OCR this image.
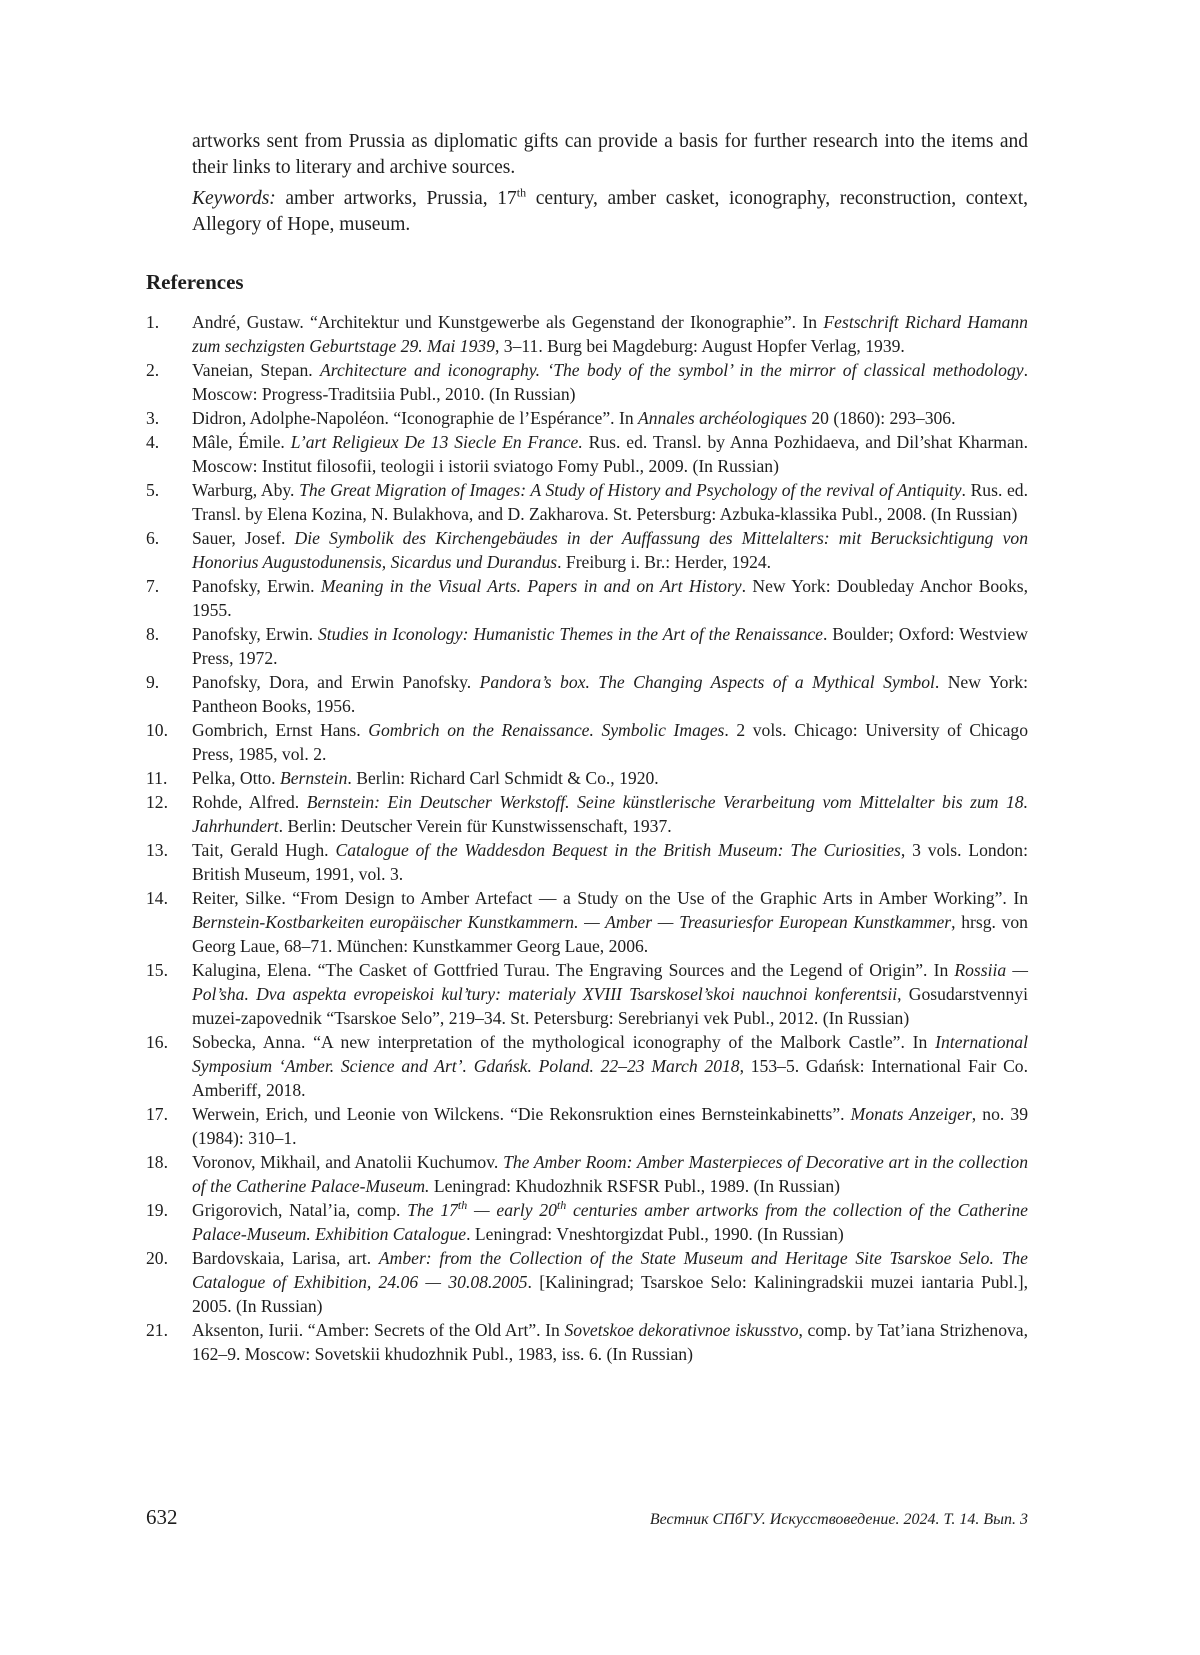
artworks sent from Prussia as diplomatic gifts can provide a basis for further research into the items and their links to literary and archive sources.

Keywords: amber artworks, Prussia, 17th century, amber casket, iconography, reconstruction, context, Allegory of Hope, museum.

References
1.	André, Gustaw. “Architektur und Kunstgewerbe als Gegenstand der Ikonographie”. In Festschrift Richard Hamann zum sechzigsten Geburtstage 29. Mai 1939, 3–11. Burg bei Magdeburg: August Hopfer Verlag, 1939.
2.	Vaneian, Stepan. Architecture and iconography. ‘The body of the symbol’ in the mirror of classical methodology. Moscow: Progress-Traditsiia Publ., 2010. (In Russian)
3.	Didron, Adolphe-Napoléon. “Iconographie de l’Espérance”. In Annales archéologiques 20 (1860): 293–306.
4.	Mâle, Émile. L’art Religieux De 13 Siecle En France. Rus. ed. Transl. by Anna Pozhidaeva, and Dil’shat Kharman. Moscow: Institut filosofii, teologii i istorii sviatogo Fomy Publ., 2009. (In Russian)
5.	Warburg, Aby. The Great Migration of Images: A Study of History and Psychology of the revival of Antiquity. Rus. ed. Transl. by Elena Kozina, N. Bulakhova, and D. Zakharova. St. Petersburg: Azbuka-klassika Publ., 2008. (In Russian)
6.	Sauer, Josef. Die Symbolik des Kirchengebäudes in der Auffassung des Mittelalters: mit Berucksichtigung von Honorius Augustodunensis, Sicardus und Durandus. Freiburg i. Br.: Herder, 1924.
7.	Panofsky, Erwin. Meaning in the Visual Arts. Papers in and on Art History. New York: Doubleday Anchor Books, 1955.
8.	Panofsky, Erwin. Studies in Iconology: Humanistic Themes in the Art of the Renaissance. Boulder; Oxford: Westview Press, 1972.
9.	Panofsky, Dora, and Erwin Panofsky. Pandora’s box. The Changing Aspects of a Mythical Symbol. New York: Pantheon Books, 1956.
10.	Gombrich, Ernst Hans. Gombrich on the Renaissance. Symbolic Images. 2 vols. Chicago: University of Chicago Press, 1985, vol. 2.
11.	Pelka, Otto. Bernstein. Berlin: Richard Carl Schmidt & Co., 1920.
12.	Rohde, Alfred. Bernstein: Ein Deutscher Werkstoff. Seine künstlerische Verarbeitung vom Mittelalter bis zum 18. Jahrhundert. Berlin: Deutscher Verein für Kunstwissenschaft, 1937.
13.	Tait, Gerald Hugh. Catalogue of the Waddesdon Bequest in the British Museum: The Curiosities, 3 vols. London: British Museum, 1991, vol. 3.
14.	Reiter, Silke. “From Design to Amber Artefact — a Study on the Use of the Graphic Arts in Amber Working”. In Bernstein-Kostbarkeiten europäischer Kunstkammern. — Amber — Treasuriesfor European Kunstkammer, hrsg. von Georg Laue, 68–71. München: Kunstkammer Georg Laue, 2006.
15.	Kalugina, Elena. “The Casket of Gottfried Turau. The Engraving Sources and the Legend of Origin”. In Rossiia — Pol’sha. Dva aspekta evropeiskoi kul’tury: materialy XVIII Tsarskosel’skoi nauchnoi konferentsii, Gosudarstvennyi muzei-zapovednik “Tsarskoe Selo”, 219–34. St. Petersburg: Serebrianyi vek Publ., 2012. (In Russian)
16.	Sobecka, Anna. “A new interpretation of the mythological iconography of the Malbork Castle”. In International Symposium ‘Amber. Science and Art’. Gdańsk. Poland. 22–23 March 2018, 153–5. Gdańsk: International Fair Co. Amberiff, 2018.
17.	Werwein, Erich, und Leonie von Wilckens. “Die Rekonsruktion eines Bernsteinkabinetts”. Monats Anzeiger, no. 39 (1984): 310–1.
18.	Voronov, Mikhail, and Anatolii Kuchumov. The Amber Room: Amber Masterpieces of Decorative art in the collection of the Catherine Palace-Museum. Leningrad: Khudozhnik RSFSR Publ., 1989. (In Russian)
19.	Grigorovich, Natal’ia, comp. The 17th — early 20th centuries amber artworks from the collection of the Catherine Palace-Museum. Exhibition Catalogue. Leningrad: Vneshtorgizdat Publ., 1990. (In Russian)
20.	Bardovskaia, Larisa, art. Amber: from the Collection of the State Museum and Heritage Site Tsarskoe Selo. The Catalogue of Exhibition, 24.06 — 30.08.2005. [Kaliningrad; Tsarskoe Selo: Kaliningradskii muzei iantaria Publ.], 2005. (In Russian)
21.	Aksenton, Iurii. “Amber: Secrets of the Old Art”. In Sovetskoe dekorativnoe iskusstvo, comp. by Tat’iana Strizhenova, 162–9. Moscow: Sovetskii khudozhnik Publ., 1983, iss. 6. (In Russian)
632	Вестник СПбГУ. Искусствоведение. 2024. Т. 14. Вып. 3
